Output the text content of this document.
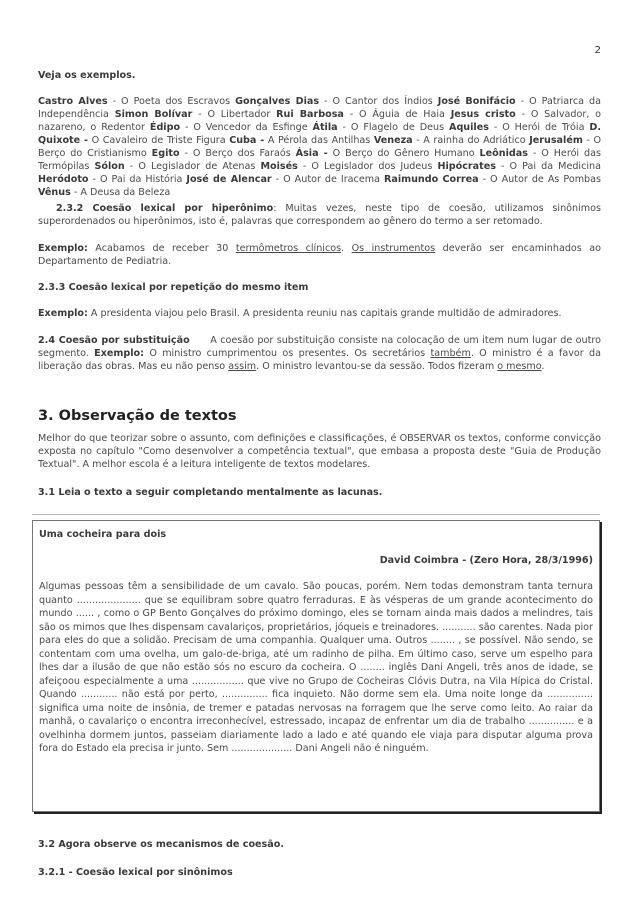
2
Veja os exemplos.

Castro Alves - O Poeta dos Escravos Gonçalves Dias - O Cantor dos Índios José Bonifácio - O Patriarca da Independência Simon Bolívar - O Libertador Rui Barbosa - O Águia de Haia Jesus cristo - O Salvador, o nazareno, o Redentor Édipo - O Vencedor da Esfinge Átila - O Flagelo de Deus Aquiles - O Herói de Tróia D. Quixote - O Cavaleiro de Triste Figura Cuba - A Pérola das Antilhas Veneza - A rainha do Adriático Jerusalém - O Berço do Cristianismo Egito - O Berço dos Faraós Ásia - O Berço do Gênero Humano Leônidas - O Herói das Termópilas Sólon - O Legislador de Atenas Moisés - O Legislador dos Judeus Hipócrates - O Pai da Medicina Heródoto - O Pai da História José de Alencar - O Autor de Iracema Raimundo Correa - O Autor de As Pombas Vênus - A Deusa da Beleza

2.3.2 Coesão lexical por hiperônimo: Muitas vezes, neste tipo de coesão, utilizamos sinônimos superordenados ou hiperônimos, isto é, palavras que correspondem ao gênero do termo a ser retomado.

Exemplo: Acabamos de receber 30 termômetros clínicos. Os instrumentos deverão ser encaminhados ao Departamento de Pediatria.

2.3.3 Coesão lexical por repetição do mesmo item

Exemplo: A presidenta viajou pelo Brasil. A presidenta reuniu nas capitais grande multidão de admiradores.

2.4 Coesão por substituição      A coesão por substituição consiste na colocação de um item num lugar de outro segmento. Exemplo: O ministro cumprimentou os presentes. Os secretários também. O ministro é a favor da liberação das obras. Mas eu não penso assim. O ministro levantou-se da sessão. Todos fizeram o mesmo.

3. Observação de textos

Melhor do que teorizar sobre o assunto, com definições e classificações, é OBSERVAR os textos, conforme convicção exposta no capítulo "Como desenvolver a competência textual", que embasa a proposta deste "Guia de Produção Textual". A melhor escola é a leitura inteligente de textos modelares.

3.1 Leia o texto a seguir completando mentalmente as lacunas.
Uma cocheira para dois
David Coimbra - (Zero Hora, 28/3/1996)

Algumas pessoas têm a sensibilidade de um cavalo. São poucas, porém. Nem todas demonstram tanta ternura quanto ..................... que se equilibram sobre quatro ferraduras. E às vésperas de um grande acontecimento do mundo ...... , como o GP Bento Gonçalves do próximo domingo, eles se tornam ainda mais dados a melindres, tais são os mimos que lhes dispensam cavalariços, proprietários, jóqueis e treinadores. ........... são carentes. Nada pior para eles do que a solidão. Precisam de uma companhia. Qualquer uma. Outros ........ , se possível. Não sendo, se contentam com uma ovelha, um galo-de-briga, até um radinho de pilha. Em último caso, serve um espelho para lhes dar a ilusão de que não estão sós no escuro da cocheira. O ........ inglês Dani Angeli, três anos de idade, se afeiçoou especialmente a uma ................. que vive no Grupo de Cocheiras Clóvis Dutra, na Vila Hípica do Cristal. Quando ............ não está por perto, ............... fica inquieto. Não dorme sem ela. Uma noite longe da ............... significa uma noite de insônia, de tremer e patadas nervosas na forragem que lhe serve como leito. Ao raiar da manhã, o cavalariço o encontra irreconhecível, estressado, incapaz de enfrentar um dia de trabalho ............... e a ovelhinha dormem juntos, passeiam diariamente lado a lado e até quando ele viaja para disputar alguma prova fora do Estado ela precisa ir junto. Sem .................... Dani Angeli não é ninguém.

3.2 Agora observe os mecanismos de coesão.
3.2.1 - Coesão lexical por sinônimos
